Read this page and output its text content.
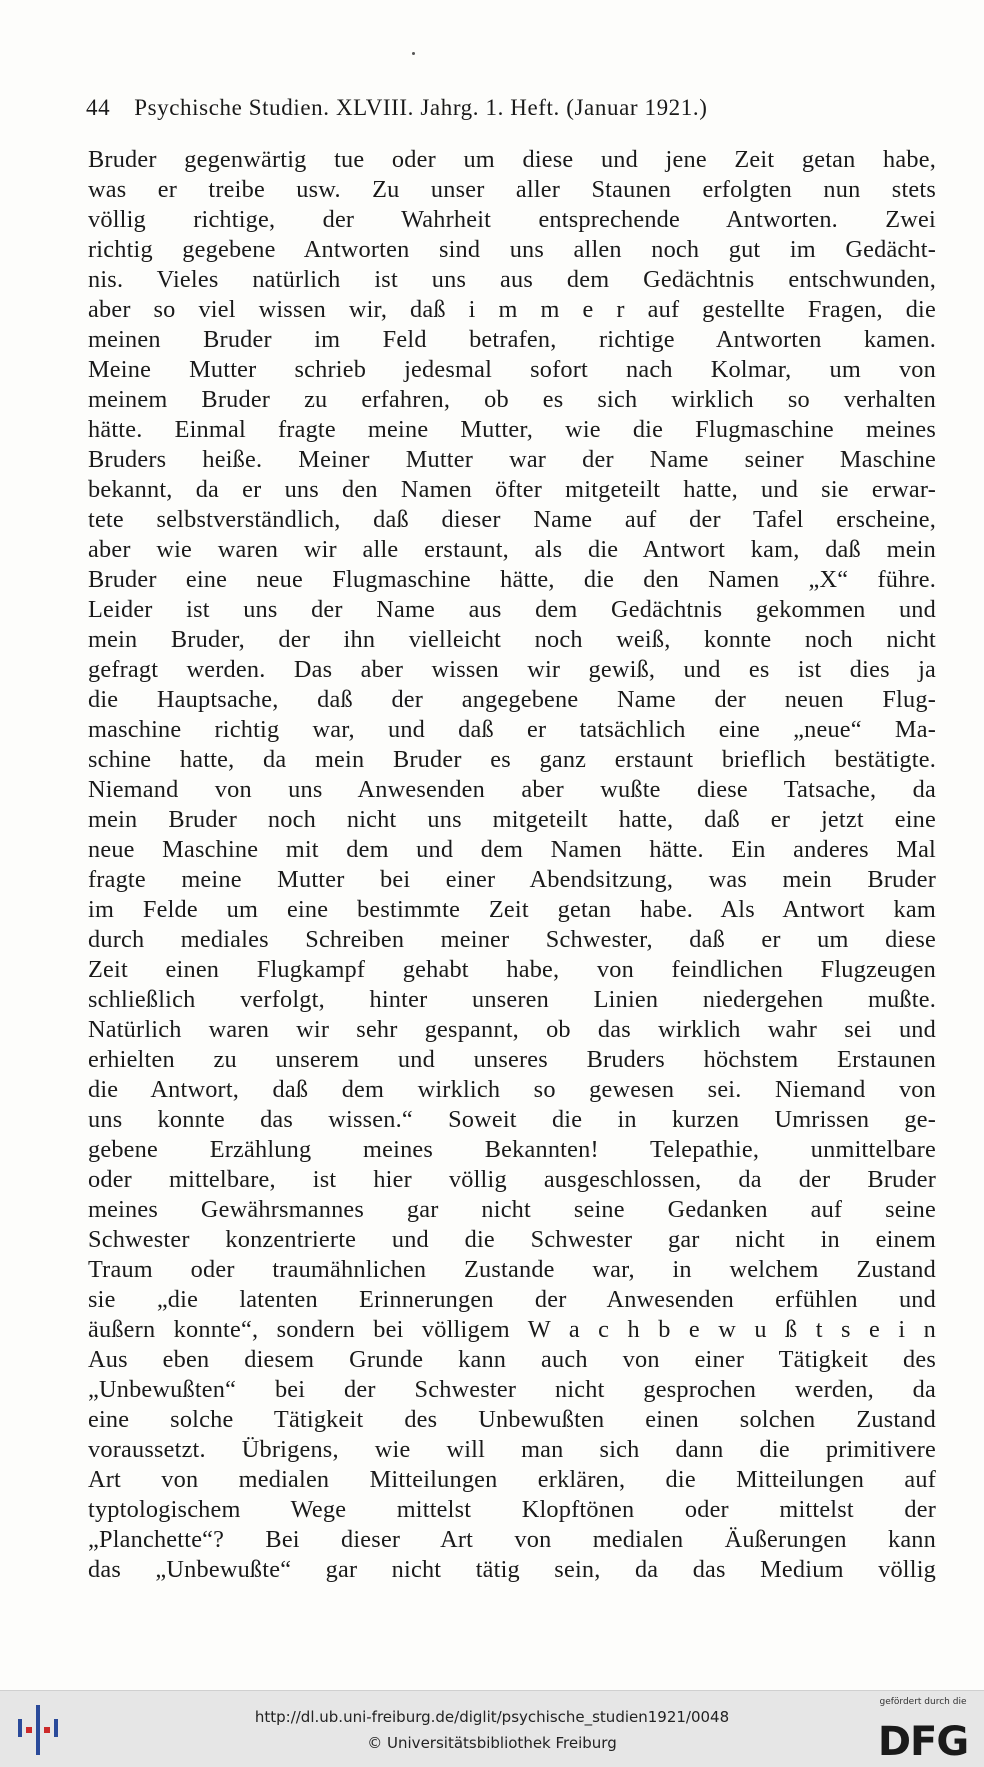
44 Psychische Studien. XLVIII. Jahrg. 1. Heft. (Januar 1921.)
Bruder gegenwärtig tue oder um diese und jene Zeit getan habe,
was er treibe usw. Zu unser aller Staunen erfolgten nun stets
völlig richtige, der Wahrheit entsprechende Antworten. Zwei
richtig gegebene Antworten sind uns allen noch gut im Gedächt-
nis. Vieles natürlich ist uns aus dem Gedächtnis entschwunden,
aber so viel wissen wir, daß i m m e r auf gestellte Fragen, die
meinen Bruder im Feld betrafen, richtige Antworten kamen.
Meine Mutter schrieb jedesmal sofort nach Kolmar, um von
meinem Bruder zu erfahren, ob es sich wirklich so verhalten
hätte. Einmal fragte meine Mutter, wie die Flugmaschine meines
Bruders heiße. Meiner Mutter war der Name seiner Maschine
bekannt, da er uns den Namen öfter mitgeteilt hatte, und sie erwar-
tete selbstverständlich, daß dieser Name auf der Tafel erscheine,
aber wie waren wir alle erstaunt, als die Antwort kam, daß mein
Bruder eine neue Flugmaschine hätte, die den Namen „X“ führe.
Leider ist uns der Name aus dem Gedächtnis gekommen und
mein Bruder, der ihn vielleicht noch weiß, konnte noch nicht
gefragt werden. Das aber wissen wir gewiß, und es ist dies ja
die Hauptsache, daß der angegebene Name der neuen Flug-
maschine richtig war, und daß er tatsächlich eine „neue“ Ma-
schine hatte, da mein Bruder es ganz erstaunt brieflich bestätigte.
Niemand von uns Anwesenden aber wußte diese Tatsache, da
mein Bruder noch nicht uns mitgeteilt hatte, daß er jetzt eine
neue Maschine mit dem und dem Namen hätte. Ein anderes Mal
fragte meine Mutter bei einer Abendsitzung, was mein Bruder
im Felde um eine bestimmte Zeit getan habe. Als Antwort kam
durch mediales Schreiben meiner Schwester, daß er um diese
Zeit einen Flugkampf gehabt habe, von feindlichen Flugzeugen
schließlich verfolgt, hinter unseren Linien niedergehen mußte.
Natürlich waren wir sehr gespannt, ob das wirklich wahr sei und
erhielten zu unserem und unseres Bruders höchstem Erstaunen
die Antwort, daß dem wirklich so gewesen sei. Niemand von
uns konnte das wissen.“ Soweit die in kurzen Umrissen ge-
gebene Erzählung meines Bekannten! Telepathie, unmittelbare
oder mittelbare, ist hier völlig ausgeschlossen, da der Bruder
meines Gewährsmannes gar nicht seine Gedanken auf seine
Schwester konzentrierte und die Schwester gar nicht in einem
Traum oder traumähnlichen Zustande war, in welchem Zustand
sie „die latenten Erinnerungen der Anwesenden erfühlen und
äußern konnte“, sondern bei völligem W a c h b e w u ß t s e i n
Aus eben diesem Grunde kann auch von einer Tätigkeit des
„Unbewußten“ bei der Schwester nicht gesprochen werden, da
eine solche Tätigkeit des Unbewußten einen solchen Zustand
voraussetzt. Übrigens, wie will man sich dann die primitivere
Art von medialen Mitteilungen erklären, die Mitteilungen auf
typtologischem Wege mittelst Klopftönen oder mittelst der
„Planchette“? Bei dieser Art von medialen Äußerungen kann
das „Unbewußte“ gar nicht tätig sein, da das Medium völlig
http://dl.ub.uni-freiburg.de/diglit/psychische_studien1921/0048
© Universitätsbibliothek Freiburg
gefördert durch die
DFG
